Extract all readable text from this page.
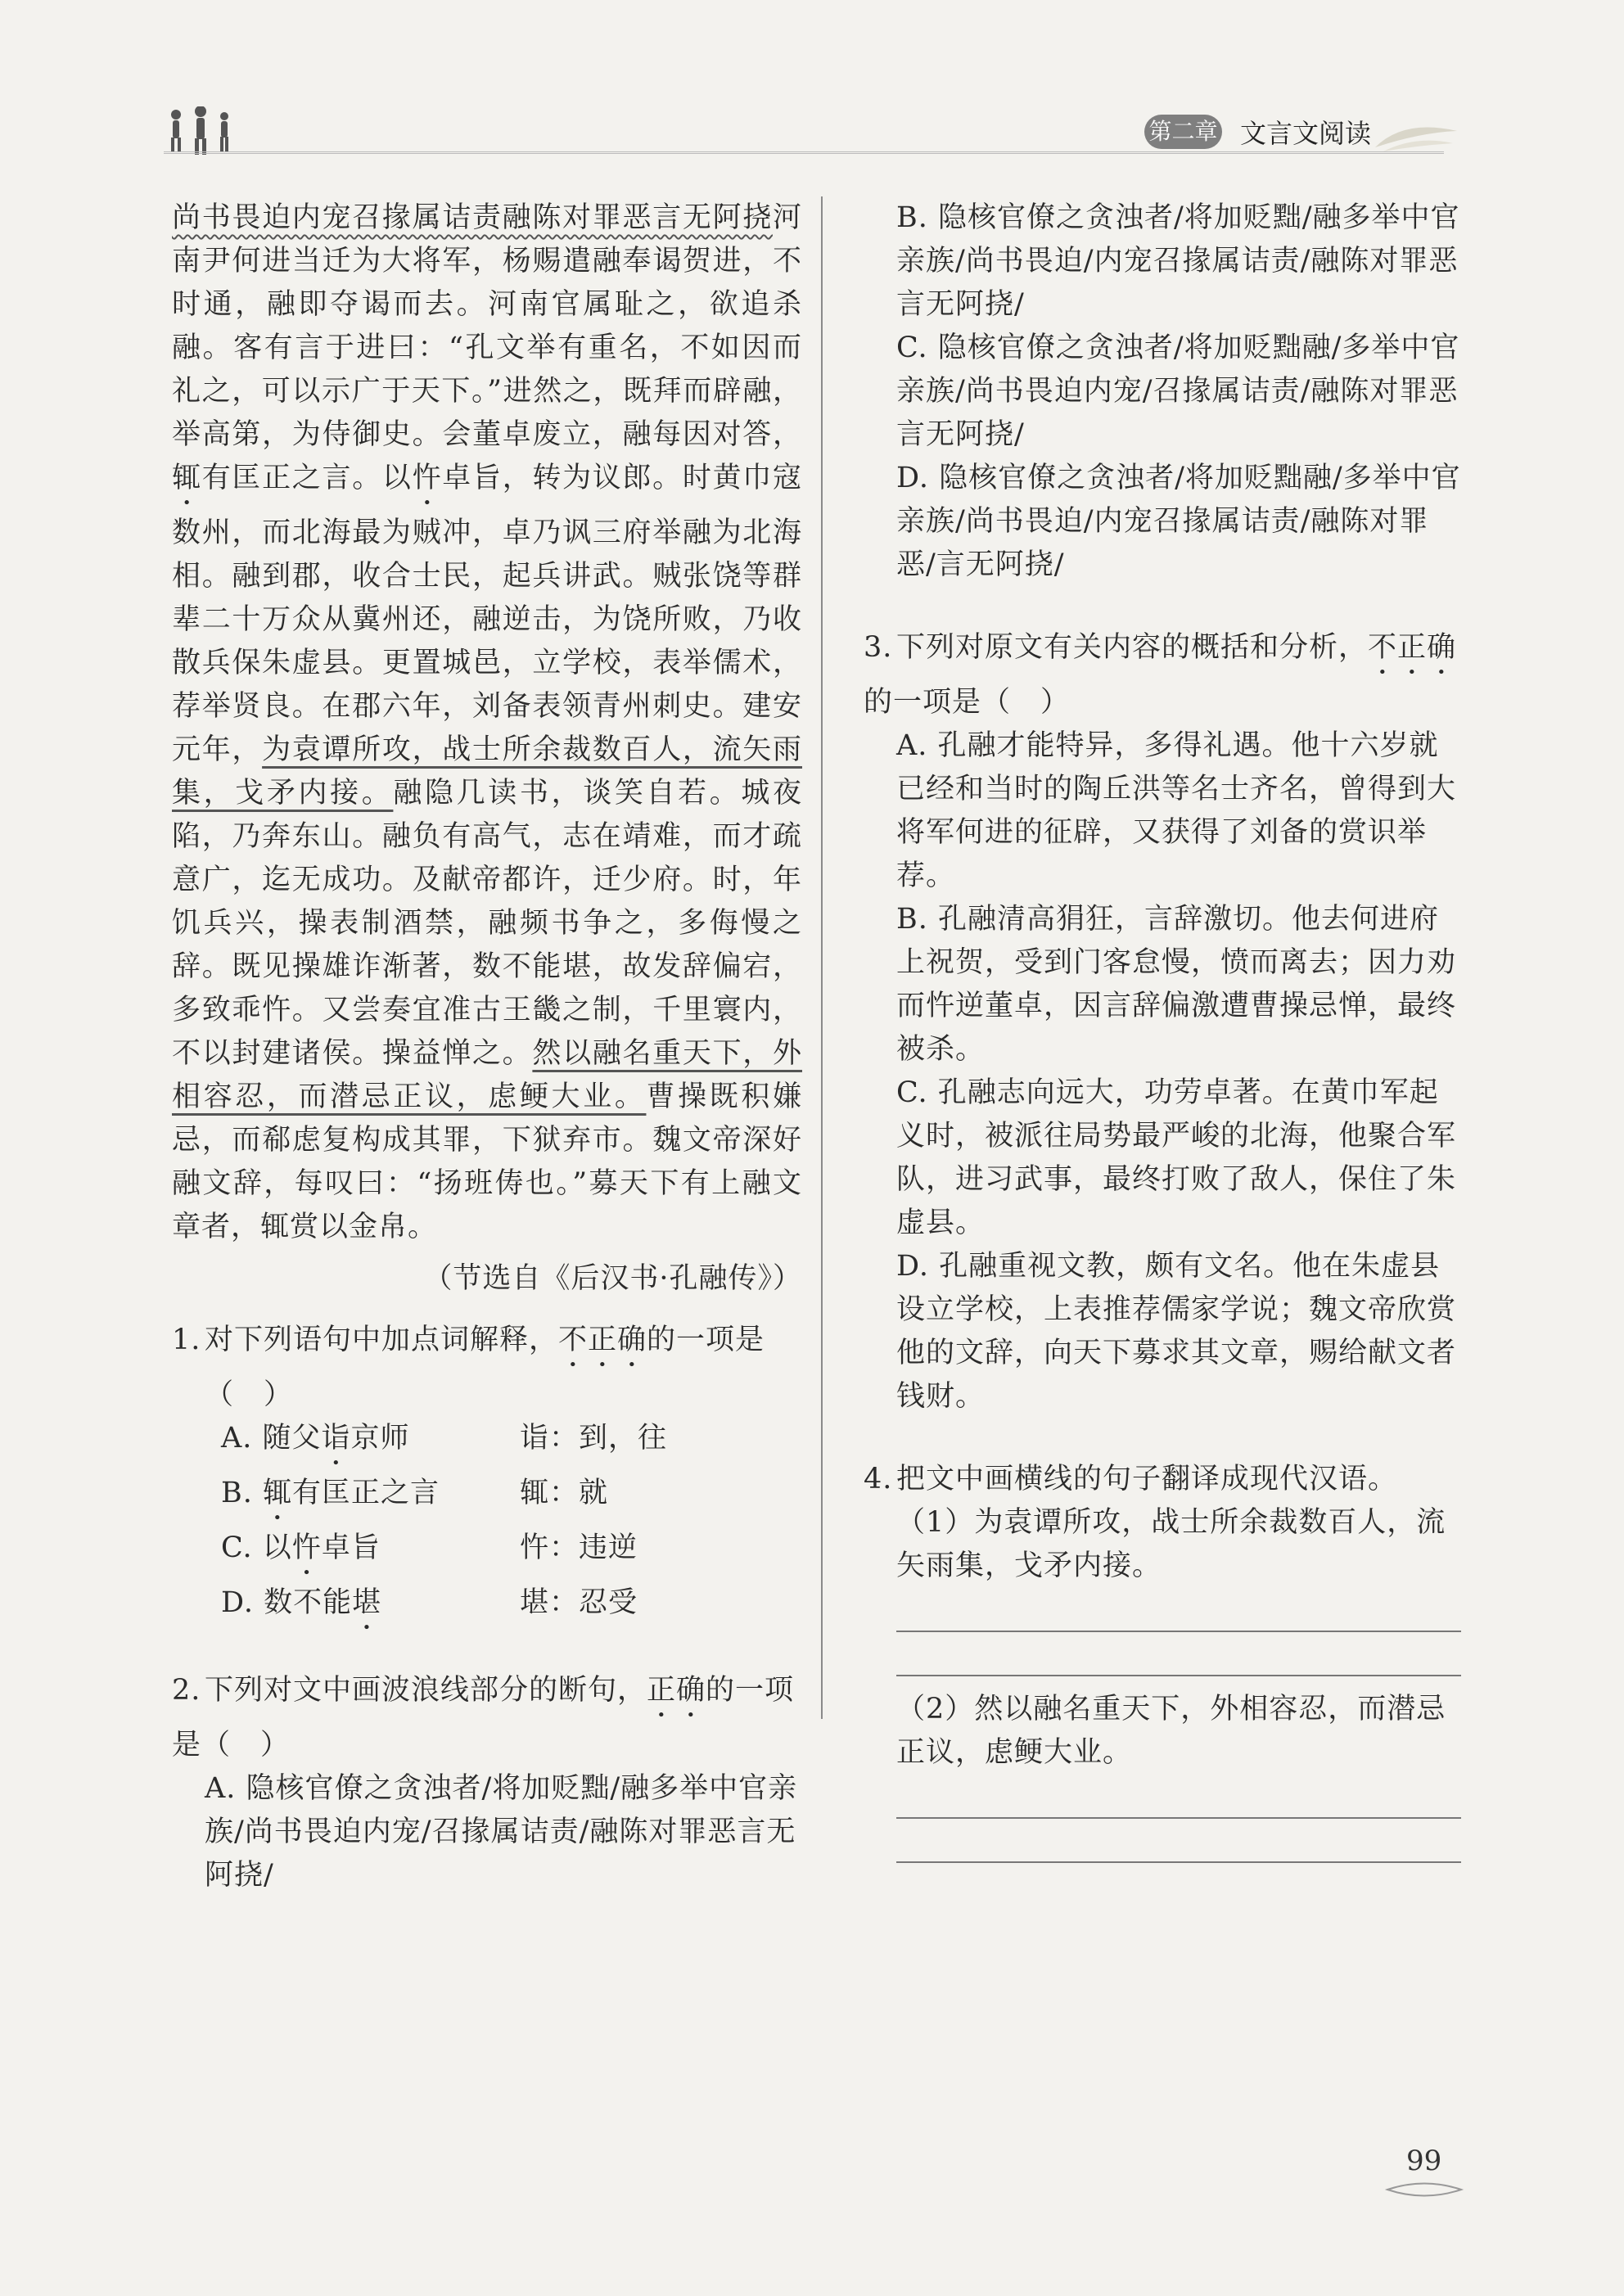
第二章 文言文阅读

尚书畏迫内宠召掾属诘责融陈对罪恶言无阿挠河南尹何进当迁为大将军，杨赐遣融奉谒贺进，不时通，融即夺谒而去。河南官属耻之，欲追杀融。客有言于进曰：“孔文举有重名，不如因而礼之，可以示广于天下。”进然之，既拜而辟融，举高第，为侍御史。会董卓废立，融每因对答，辄有匡正之言。以忤卓旨，转为议郎。时黄巾寇数州，而北海最为贼冲，卓乃讽三府举融为北海相。融到郡，收合士民，起兵讲武。贼张饶等群辈二十万众从冀州还，融逆击，为饶所败，乃收散兵保朱虚县。更置城邑，立学校，表举儒术，荐举贤良。在郡六年，刘备表领青州刺史。建安元年，为袁谭所攻，战士所余裁数百人，流矢雨集，戈矛内接。融隐几读书，谈笑自若。城夜陷，乃奔东山。融负有高气，志在靖难，而才疏意广，迄无成功。及献帝都许，迁少府。时，年饥兵兴，操表制酒禁，融频书争之，多侮慢之辞。既见操雄诈渐著，数不能堪，故发辞偏宕，多致乖忤。又尝奏宜准古王畿之制，千里寰内，不以封建诸侯。操益惮之。然以融名重天下，外相容忍，而潜忌正议，虑鲠大业。曹操既积嫌忌，而郗虑复构成其罪，下狱弃市。魏文帝深好融文辞，每叹曰：“扬班俦也。”募天下有上融文章者，辄赏以金帛。

（节选自《后汉书·孔融传》）

1. 对下列语句中加点词解释，不正确的一项是

（　）

A. 随父诣京师	诣：到，往
B. 辄有匡正之言	辄：就
C. 以忤卓旨	忤：违逆
D. 数不能堪	堪：忍受

2. 下列对文中画波浪线部分的断句，正确的一项是（　）

A. 隐核官僚之贪浊者/将加贬黜/融多举中官亲族/尚书畏迫内宠/召掾属诘责/融陈对罪恶言无阿挠/

B. 隐核官僚之贪浊者/将加贬黜/融多举中官亲族/尚书畏迫/内宠召掾属诘责/融陈对罪恶言无阿挠/

C. 隐核官僚之贪浊者/将加贬黜融/多举中官亲族/尚书畏迫内宠/召掾属诘责/融陈对罪恶言无阿挠/

D. 隐核官僚之贪浊者/将加贬黜融/多举中官亲族/尚书畏迫/内宠召掾属诘责/融陈对罪恶/言无阿挠/

3. 下列对原文有关内容的概括和分析，不正确的一项是（　）

A. 孔融才能特异，多得礼遇。他十六岁就已经和当时的陶丘洪等名士齐名，曾得到大将军何进的征辟，又获得了刘备的赏识举荐。

B. 孔融清高狷狂，言辞激切。他去何进府上祝贺，受到门客怠慢，愤而离去；因力劝而忤逆董卓，因言辞偏激遭曹操忌惮，最终被杀。

C. 孔融志向远大，功劳卓著。在黄巾军起义时，被派往局势最严峻的北海，他聚合军队，进习武事，最终打败了敌人，保住了朱虚县。

D. 孔融重视文教，颇有文名。他在朱虚县设立学校，上表推荐儒家学说；魏文帝欣赏他的文辞，向天下募求其文章，赐给献文者钱财。

4. 把文中画横线的句子翻译成现代汉语。

（1）为袁谭所攻，战士所余裁数百人，流矢雨集，戈矛内接。

（2）然以融名重天下，外相容忍，而潜忌正议，虑鲠大业。

99
